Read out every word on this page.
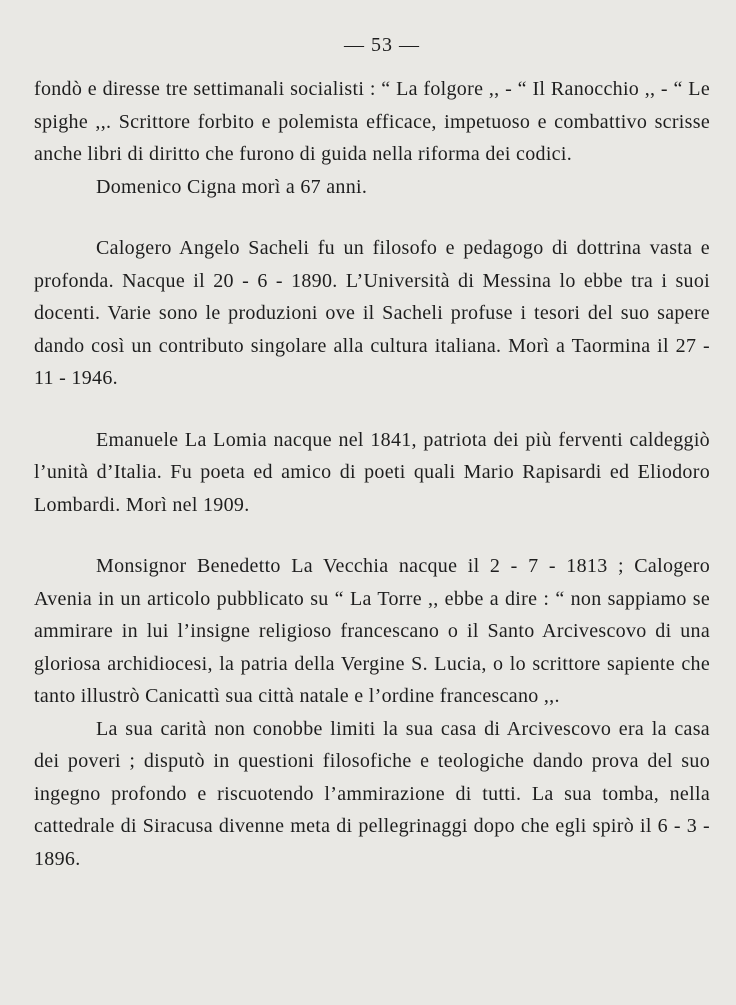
— 53 —

fondò e diresse tre settimanali socialisti : “ La folgore ,, - “ Il Ranocchio ,, - “ Le spighe ,,. Scrittore forbito e polemista efficace, impetuoso e combattivo scrisse anche libri di diritto che furono di guida nella riforma dei codici.

Domenico Cigna morì a 67 anni.

Calogero Angelo Sacheli fu un filosofo e pedagogo di dottrina vasta e profonda. Nacque il 20 - 6 - 1890. L’Università di Messina lo ebbe tra i suoi docenti. Varie sono le produzioni ove il Sacheli profuse i tesori del suo sapere dando così un contributo singolare alla cultura italiana. Morì a Taormina il 27 - 11 - 1946.

Emanuele La Lomia nacque nel 1841, patriota dei più ferventi caldeggiò l’unità d’Italia. Fu poeta ed amico di poeti quali Mario Rapisardi ed Eliodoro Lombardi. Morì nel 1909.

Monsignor Benedetto La Vecchia nacque il 2 - 7 - 1813 ; Calogero Avenia in un articolo pubblicato su “ La Torre ,, ebbe a dire : “ non sappiamo se ammirare in lui l’insigne religioso francescano o il Santo Arcivescovo di una gloriosa archidiocesi, la patria della Vergine S. Lucia, o lo scrittore sapiente che tanto illustrò Canicattì sua città natale e l’ordine francescano ,,.

La sua carità non conobbe limiti la sua casa di Arcivescovo era la casa dei poveri ; disputò in questioni filosofiche e teologiche dando prova del suo ingegno profondo e riscuotendo l’ammirazione di tutti. La sua tomba, nella cattedrale di Siracusa divenne meta di pellegrinaggi dopo che egli spirò il 6 - 3 - 1896.
